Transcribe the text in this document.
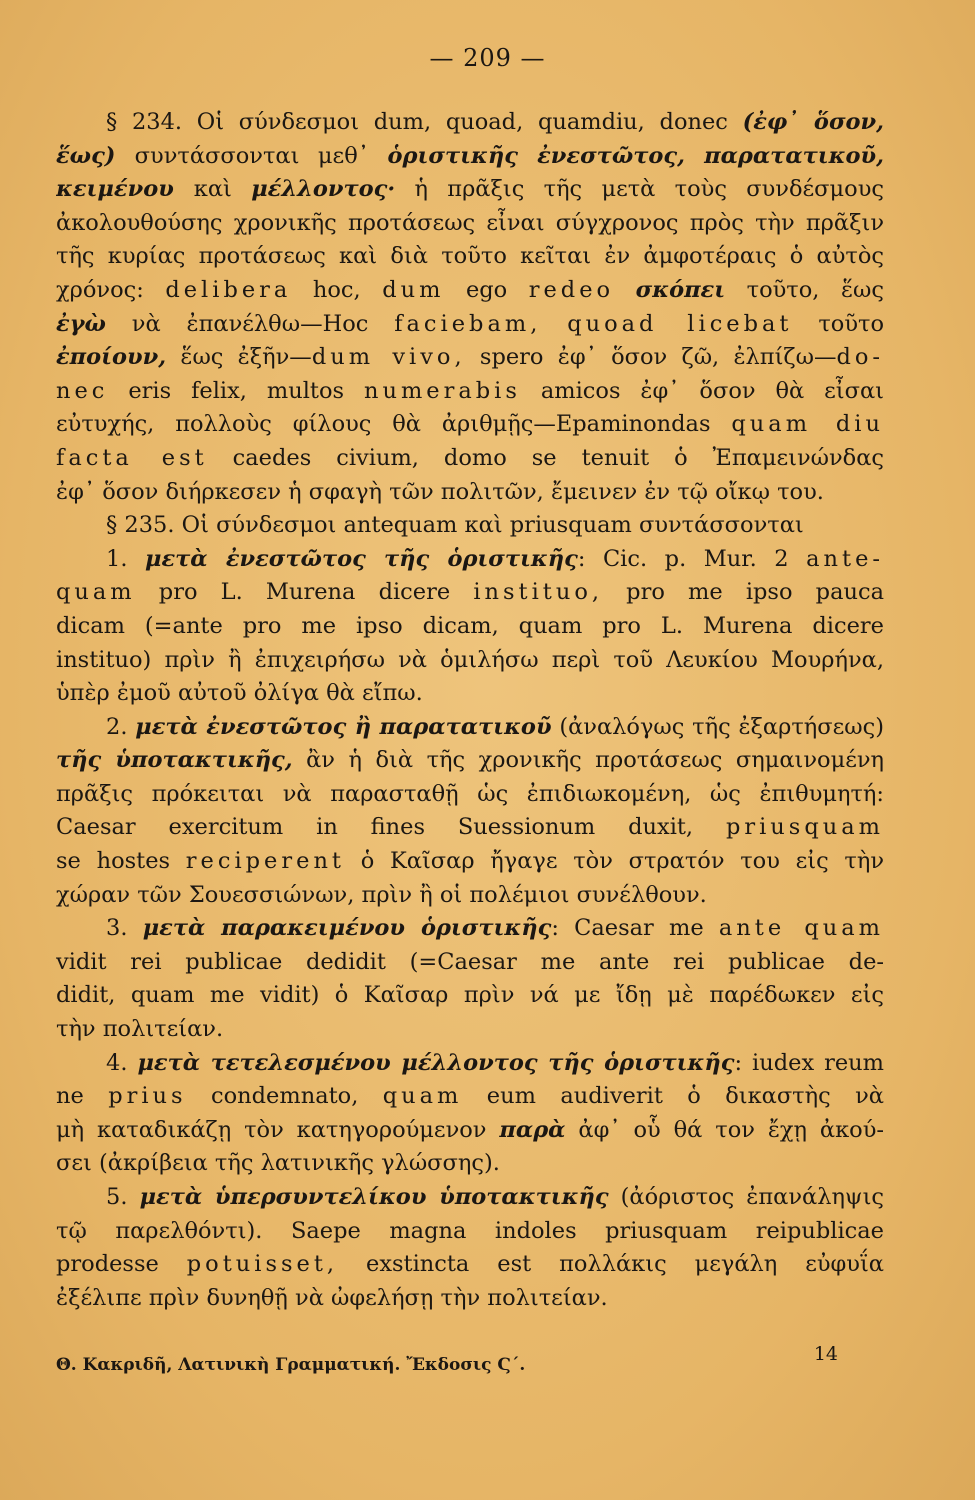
— 209 —
§ 234. Οἱ σύνδεσμοι dum, quoad, quamdiu, donec (ἐφ᾽ ὅσον,
ἕως) συντάσσονται μεθ᾽ ὁριστικῆς ἐνεστῶτος, παρατατικοῦ,
κειμένου καὶ μέλλοντος· ἡ πρᾶξις τῆς μετὰ τοὺς συνδέσμους
ἀκολουθούσης χρονικῆς προτάσεως εἶναι σύγχρονος πρὸς τὴν πρᾶξιν
τῆς κυρίας προτάσεως καὶ διὰ τοῦτο κεῖται ἐν ἀμφοτέραις ὁ αὐτὸς
χρόνος: delibera hoc, dum ego redeo σκόπει τοῦτο, ἕως
ἐγὼ νὰ ἐπανέλθω—Hoc faciebam, quoad licebat τοῦτο
ἐποίουν, ἕως ἐξῆν—dum vivo, spero ἐφ᾽ ὅσον ζῶ, ἐλπίζω—do-
nec eris felix, multos numerabis amicos ἐφ᾽ ὅσον θὰ εἶσαι
εὐτυχής, πολλοὺς φίλους θὰ ἀριθμῇς—Epaminondas quam diu
facta est caedes civium, domo se tenuit ὁ Ἐπαμεινώνδας
ἐφ᾽ ὅσον διήρκεσεν ἡ σφαγὴ τῶν πολιτῶν, ἔμεινεν ἐν τῷ οἴκῳ του.
§ 235. Οἱ σύνδεσμοι antequam καὶ priusquam συντάσσονται
1. μετὰ ἐνεστῶτος τῆς ὁριστικῆς: Cic. p. Mur. 2 ante-
quam pro L. Murena dicere instituo, pro me ipso pauca
dicam (=ante pro me ipso dicam, quam pro L. Murena dicere
instituo) πρὶν ἢ ἐπιχειρήσω νὰ ὁμιλήσω περὶ τοῦ Λευκίου Μουρήνα,
ὑπὲρ ἐμοῦ αὐτοῦ ὀλίγα θὰ εἴπω.
2. μετὰ ἐνεστῶτος ἢ παρατατικοῦ (ἀναλόγως τῆς ἐξαρτήσεως)
τῆς ὑποτακτικῆς, ἂν ἡ διὰ τῆς χρονικῆς προτάσεως σημαινομένη
πρᾶξις πρόκειται νὰ παρασταθῇ ὡς ἐπιδιωκομένη, ὡς ἐπιθυμητή:
Caesar exercitum in fines Suessionum duxit, priusquam
se hostes reciperent ὁ Καῖσαρ ἤγαγε τὸν στρατόν του εἰς τὴν
χώραν τῶν Σουεσσιώνων, πρὶν ἢ οἱ πολέμιοι συνέλθουν.
3. μετὰ παρακειμένου ὁριστικῆς: Caesar me ante quam
vidit rei publicae dedidit (=Caesar me ante rei publicae de-
didit, quam me vidit) ὁ Καῖσαρ πρὶν νά με ἴδῃ μὲ παρέδωκεν εἰς
τὴν πολιτείαν.
4. μετὰ τετελεσμένου μέλλοντος τῆς ὁριστικῆς: iudex reum
ne prius condemnato, quam eum audiverit ὁ δικαστὴς νὰ
μὴ καταδικάζῃ τὸν κατηγορούμενον παρὰ ἀφ᾽ οὗ θά τον ἔχῃ ἀκού-
σει (ἀκρίβεια τῆς λατινικῆς γλώσσης).
5. μετὰ ὑπερσυντελίκου ὑποτακτικῆς (ἀόριστος ἐπανάληψις
τῷ παρελθόντι). Saepe magna indoles priusquam reipublicae
prodesse potuisset, exstincta est πολλάκις μεγάλη εὐφυΐα
ἐξέλιπε πρὶν δυνηθῇ νὰ ὠφελήσῃ τὴν πολιτείαν.
Θ. Κακριδῆ, Λατινικὴ Γραμματική. Ἔκδοσις Ϛ΄.	14
